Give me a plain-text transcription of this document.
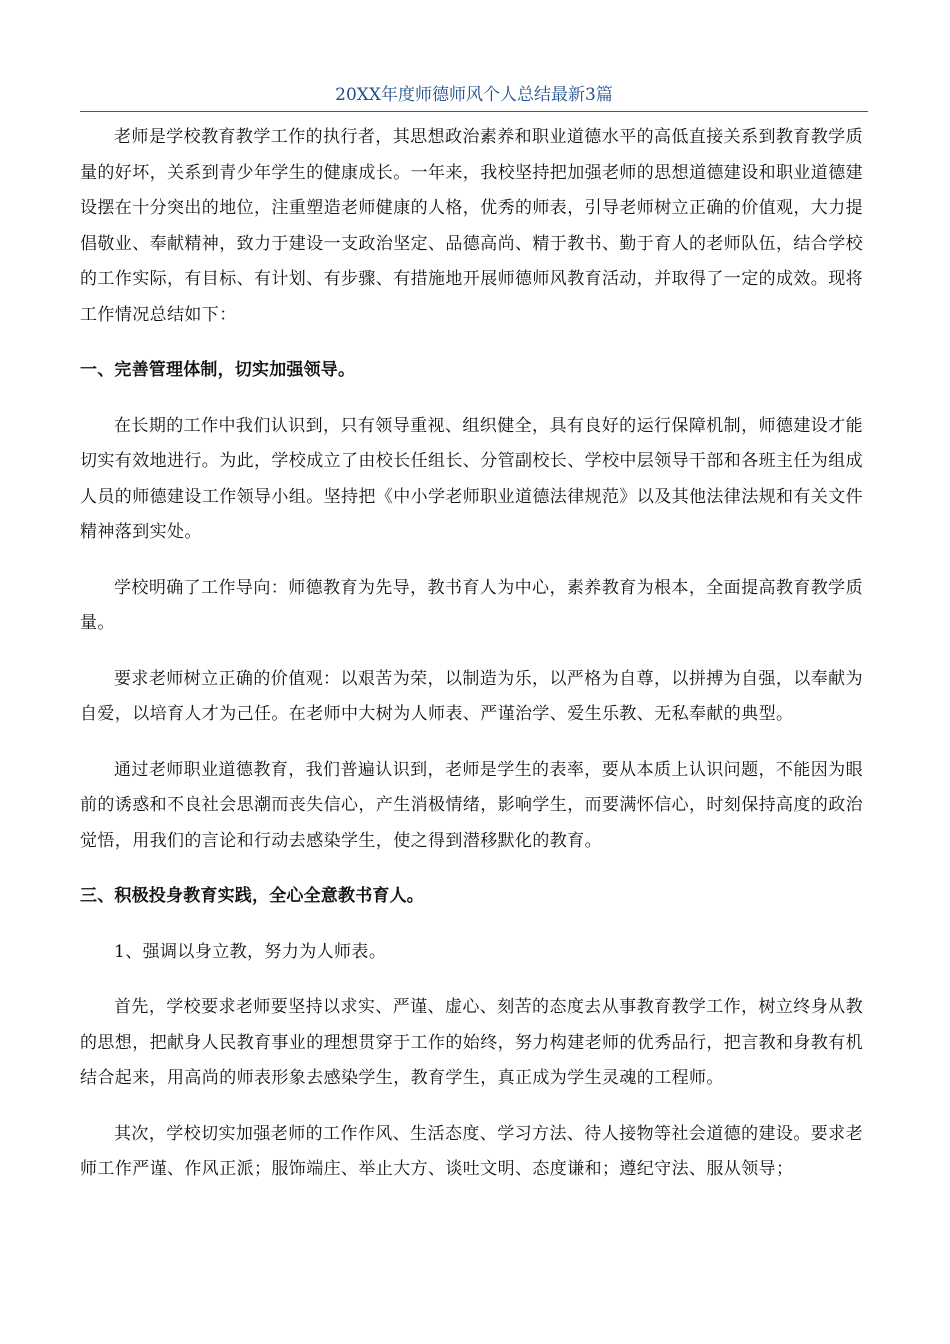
20XX年度师德师风个人总结最新3篇

老师是学校教育教学工作的执行者，其思想政治素养和职业道德水平的高低直接关系到教育教学质量的好坏，关系到青少年学生的健康成长。一年来，我校坚持把加强老师的思想道德建设和职业道德建设摆在十分突出的地位，注重塑造老师健康的人格，优秀的师表，引导老师树立正确的价值观，大力提倡敬业、奉献精神，致力于建设一支政治坚定、品德高尚、精于教书、勤于育人的老师队伍，结合学校的工作实际，有目标、有计划、有步骤、有措施地开展师德师风教育活动，并取得了一定的成效。现将工作情况总结如下：

一、完善管理体制，切实加强领导。

在长期的工作中我们认识到，只有领导重视、组织健全，具有良好的运行保障机制，师德建设才能切实有效地进行。为此，学校成立了由校长任组长、分管副校长、学校中层领导干部和各班主任为组成人员的师德建设工作领导小组。坚持把《中小学老师职业道德法律规范》以及其他法律法规和有关文件精神落到实处。

学校明确了工作导向：师德教育为先导，教书育人为中心，素养教育为根本，全面提高教育教学质量。

要求老师树立正确的价值观：以艰苦为荣，以制造为乐，以严格为自尊，以拼搏为自强，以奉献为自爱，以培育人才为己任。在老师中大树为人师表、严谨治学、爱生乐教、无私奉献的典型。

通过老师职业道德教育，我们普遍认识到，老师是学生的表率，要从本质上认识问题，不能因为眼前的诱惑和不良社会思潮而丧失信心，产生消极情绪，影响学生，而要满怀信心，时刻保持高度的政治觉悟，用我们的言论和行动去感染学生，使之得到潜移默化的教育。

三、积极投身教育实践，全心全意教书育人。

1、强调以身立教，努力为人师表。

首先，学校要求老师要坚持以求实、严谨、虚心、刻苦的态度去从事教育教学工作，树立终身从教的思想，把献身人民教育事业的理想贯穿于工作的始终，努力构建老师的优秀品行，把言教和身教有机结合起来，用高尚的师表形象去感染学生，教育学生，真正成为学生灵魂的工程师。

其次，学校切实加强老师的工作作风、生活态度、学习方法、待人接物等社会道德的建设。要求老师工作严谨、作风正派；服饰端庄、举止大方、谈吐文明、态度谦和；遵纪守法、服从领导；
